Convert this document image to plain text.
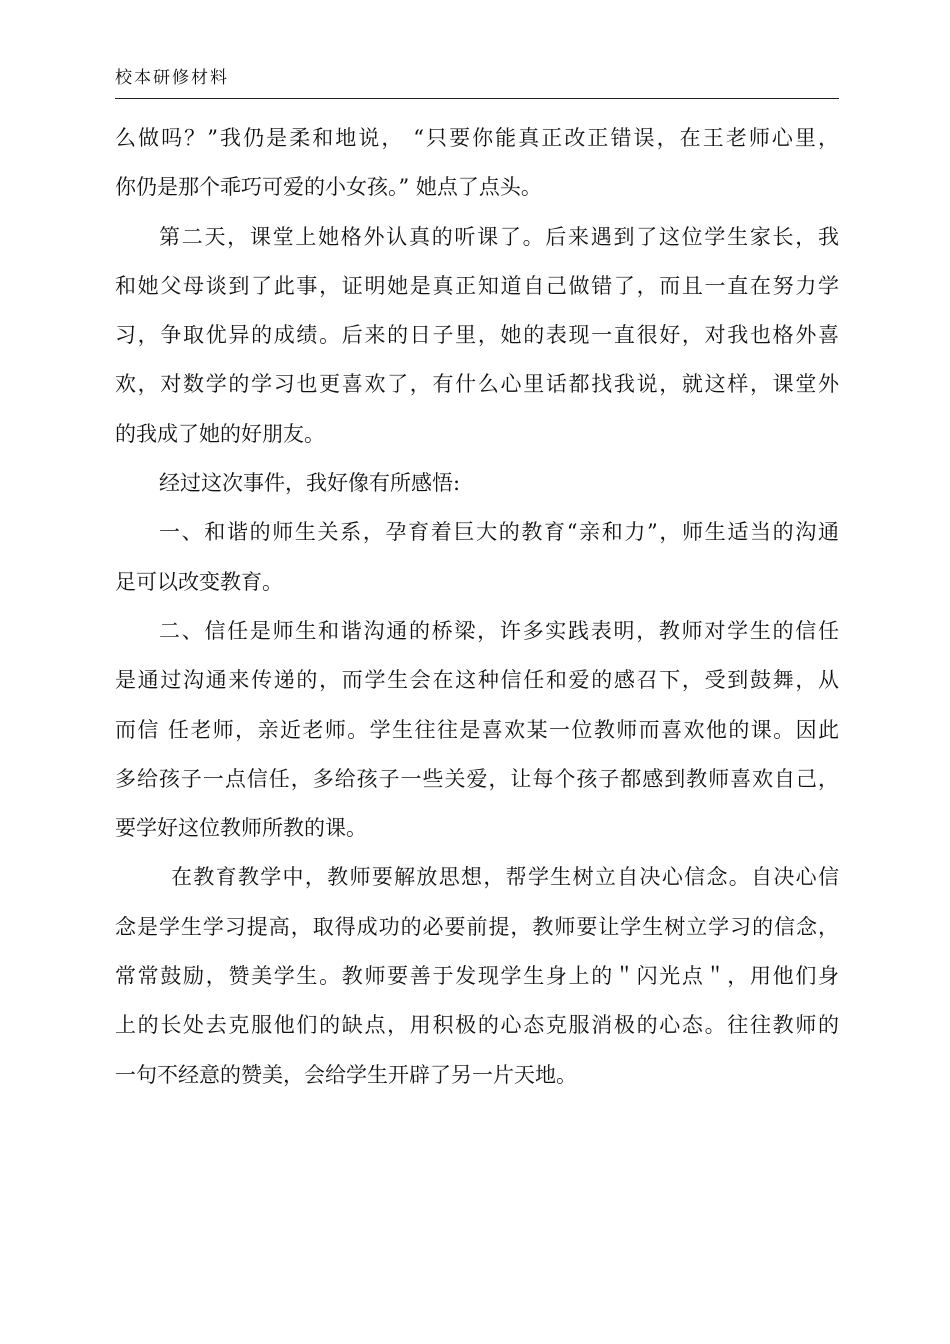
校本研修材料
么做吗？”我仍是柔和地说， “只要你能真正改正错误，在王老师心里，
你仍是那个乖巧可爱的小女孩。” 她点了点头。
第二天，课堂上她格外认真的听课了。后来遇到了这位学生家长，我
和她父母谈到了此事，证明她是真正知道自己做错了，而且一直在努力学
习，争取优异的成绩。后来的日子里，她的表现一直很好，对我也格外喜
欢，对数学的学习也更喜欢了，有什么心里话都找我说，就这样，课堂外
的我成了她的好朋友。
经过这次事件，我好像有所感悟:
一、和谐的师生关系，孕育着巨大的教育“亲和力”，师生适当的沟通
足可以改变教育。
二、信任是师生和谐沟通的桥梁，许多实践表明，教师对学生的信任
是通过沟通来传递的，而学生会在这种信任和爱的感召下，受到鼓舞，从
而信 任老师，亲近老师。学生往往是喜欢某一位教师而喜欢他的课。因此
多给孩子一点信任，多给孩子一些关爱，让每个孩子都感到教师喜欢自己，
要学好这位教师所教的课。
在教育教学中，教师要解放思想，帮学生树立自决心信念。自决心信
念是学生学习提高，取得成功的必要前提，教师要让学生树立学习的信念，
常常鼓励，赞美学生。教师要善于发现学生身上的＂闪光点＂，用他们身
上的长处去克服他们的缺点，用积极的心态克服消极的心态。往往教师的
一句不经意的赞美，会给学生开辟了另一片天地。
